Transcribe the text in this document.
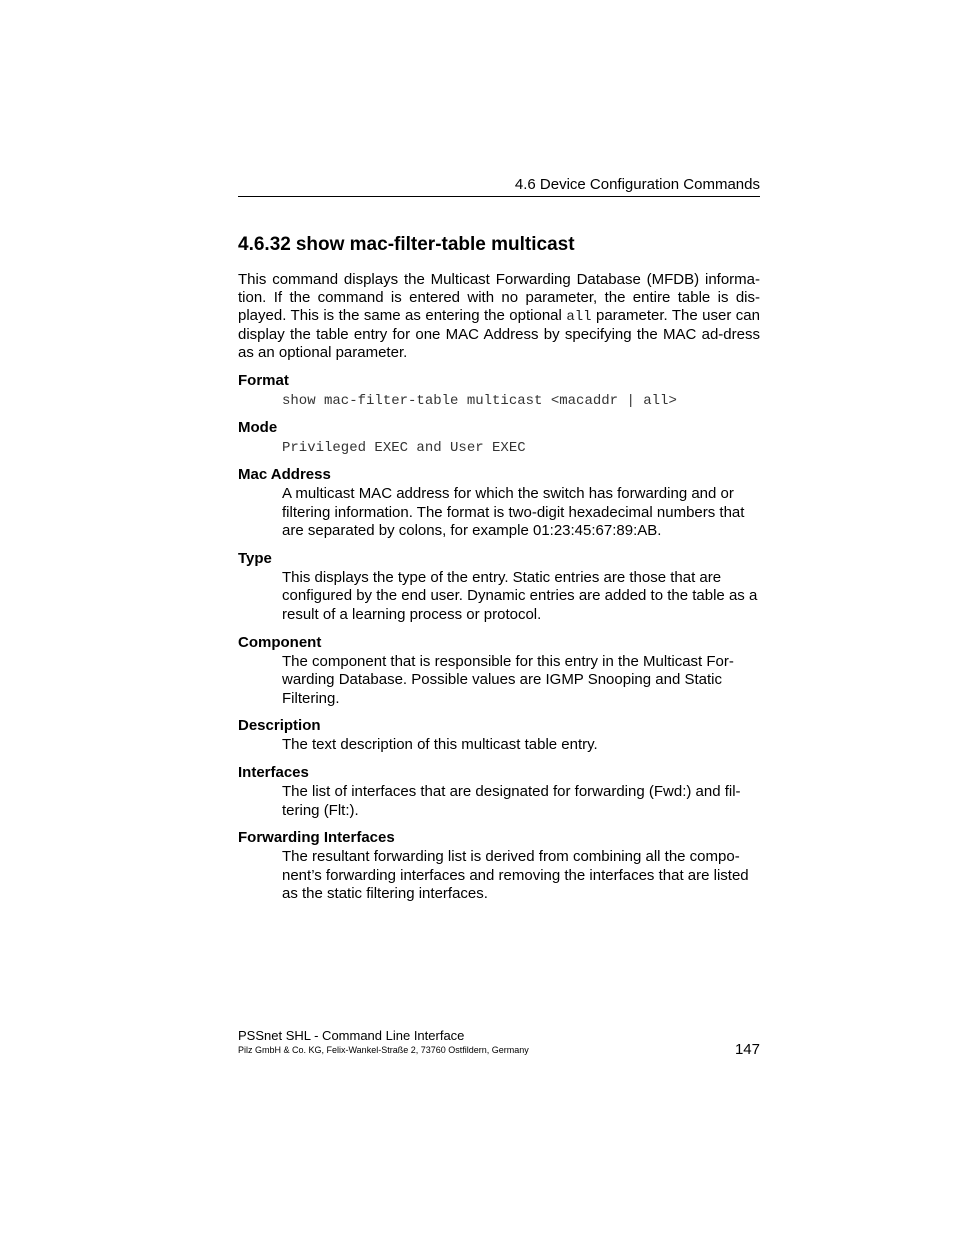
4.6 Device Configuration Commands
4.6.32 show mac-filter-table multicast

This command displays the Multicast Forwarding Database (MFDB) informa-tion. If the command is entered with no parameter, the entire table is dis-played. This is the same as entering the optional all parameter. The user can display the table entry for one MAC Address by specifying the MAC ad-dress as an optional parameter.

Format
show mac-filter-table multicast <macaddr | all>
Mode
Privileged EXEC and User EXEC
Mac Address
A multicast MAC address for which the switch has forwarding and or filtering information. The format is two-digit hexadecimal numbers that are separated by colons, for example 01:23:45:67:89:AB.
Type
This displays the type of the entry. Static entries are those that are configured by the end user. Dynamic entries are added to the table as a result of a learning process or protocol.
Component
The component that is responsible for this entry in the Multicast For-warding Database. Possible values are IGMP Snooping and Static Filtering.
Description
The text description of this multicast table entry.
Interfaces
The list of interfaces that are designated for forwarding (Fwd:) and fil-tering (Flt:).
Forwarding Interfaces
The resultant forwarding list is derived from combining all the compo-nent’s forwarding interfaces and removing the interfaces that are listed as the static filtering interfaces.
PSSnet SHL - Command Line Interface
Pilz GmbH & Co. KG, Felix-Wankel-Straße 2, 73760 Ostfildern, Germany	147
